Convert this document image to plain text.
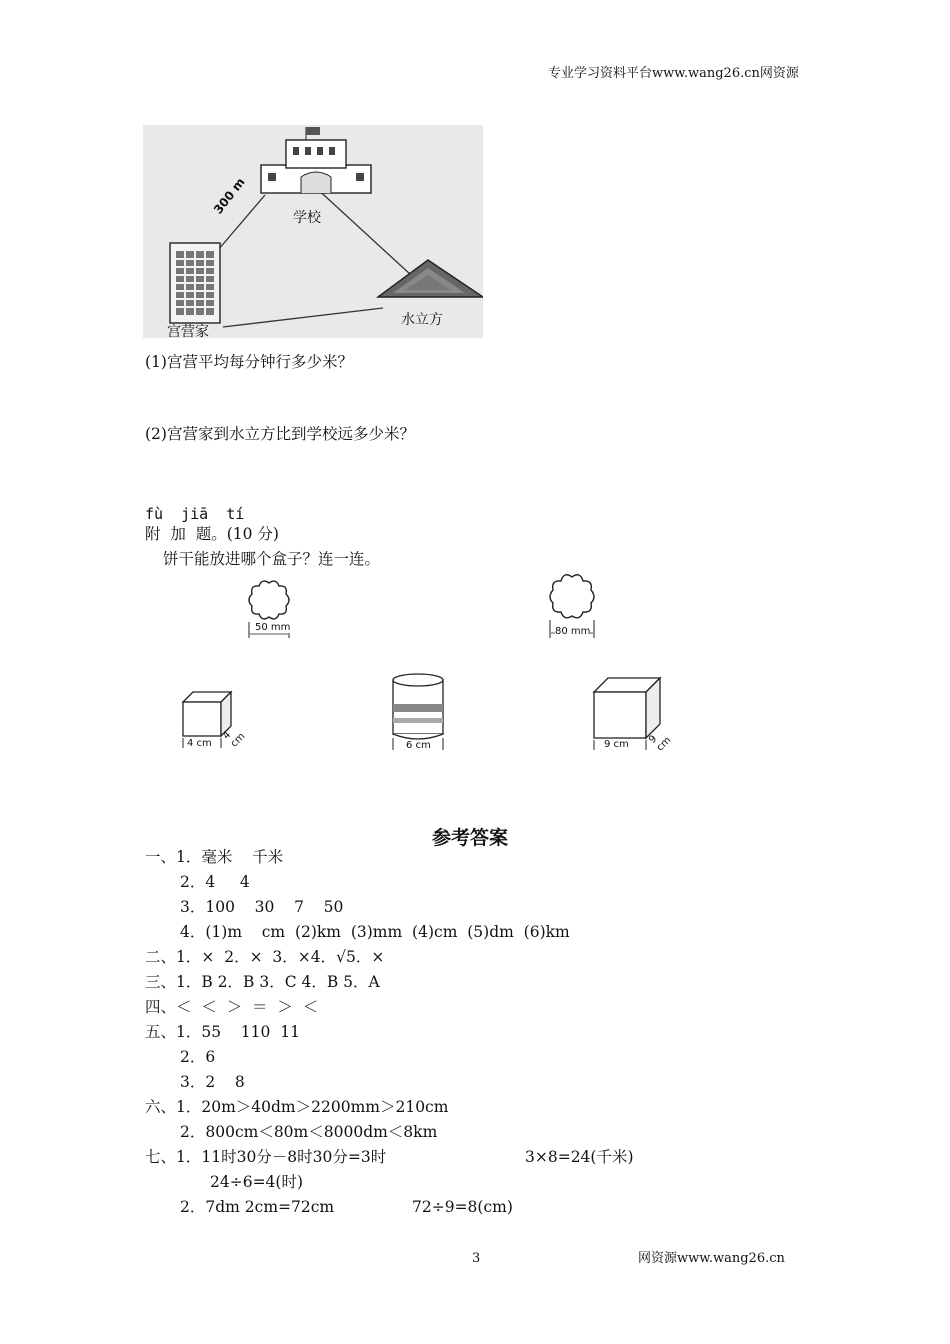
专业学习资料平台www.wang26.cn网资源
300 m
学校
宫营家
水立方
(1)宫营平均每分钟行多少米？
(2)宫营家到水立方比到学校远多少米？
fù  jiā  tí
附  加  题。(10 分)
饼干能放进哪个盒子？连一连。
50 mm	80 mm
4 cm
4 cm	6 cm	9 cm 9 cm
参考答案
一、1．毫米    千米
2．4     4
3．100    30    7    50
4．(1)m    cm  (2)km  (3)mm  (4)cm  (5)dm  (6)km
二、1．×  2．×  3．×4．√5．×
三、1．B 2．B 3．C 4．B 5．A
四、＜  ＜  ＞  ＝  ＞  ＜
五、1．55    110  11
2．6
3．2    8
六、1．20m＞40dm＞2200mm＞210cm
2．800cm＜80m＜8000dm＜8km
七、1．11时30分－8时30分=3时	3×8=24(千米)
24÷6=4(时)
2．7dm 2cm=72cm	72÷9=8(cm)
3	网资源www.wang26.cn
